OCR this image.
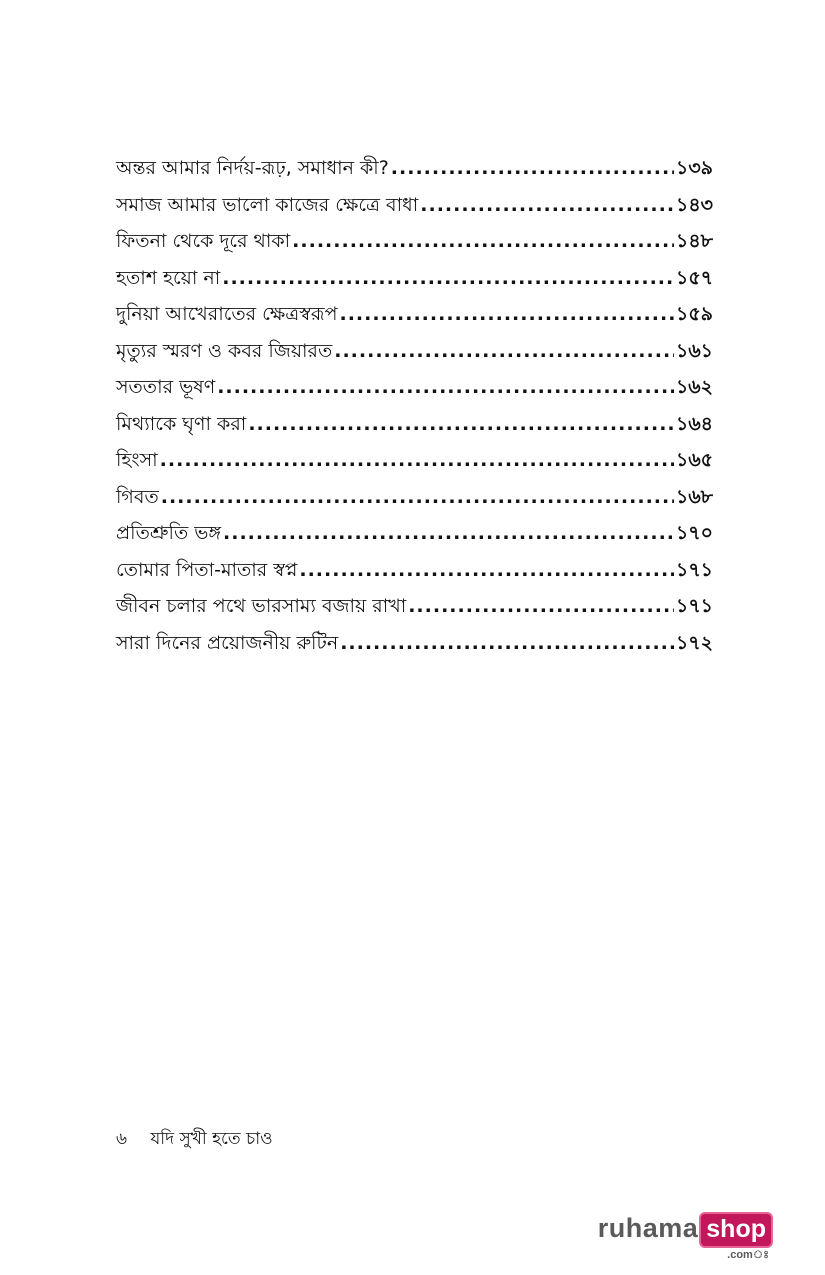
অন্তর আমার নির্দয়-রূঢ়, সমাধান কী? .....	১৩৯
সমাজ আমার ভালো কাজের ক্ষেত্রে বাধা .....	১৪৩
ফিতনা থেকে দূরে থাকা .....	১৪৮
হতাশ হয়ো না .....	১৫৭
দুনিয়া আখেরাতের ক্ষেত্রস্বরূপ .....	১৫৯
মৃত্যুর স্মরণ ও কবর জিয়ারত .....	১৬১
সততার ভূষণ .....	১৬২
মিথ্যাকে ঘৃণা করা .....	১৬৪
হিংসা .....	১৬৫
গিবত .....	১৬৮
প্রতিশ্রুতি ভঙ্গ .....	১৭০
তোমার পিতা-মাতার স্বপ্ন .....	১৭১
জীবন চলার পথে ভারসাম্য বজায় রাখা .....	১৭১
সারা দিনের প্রয়োজনীয় রুটিন .....	১৭২
৬ যদি সুখী হতে চাও
ruhama shop
.comঃ
